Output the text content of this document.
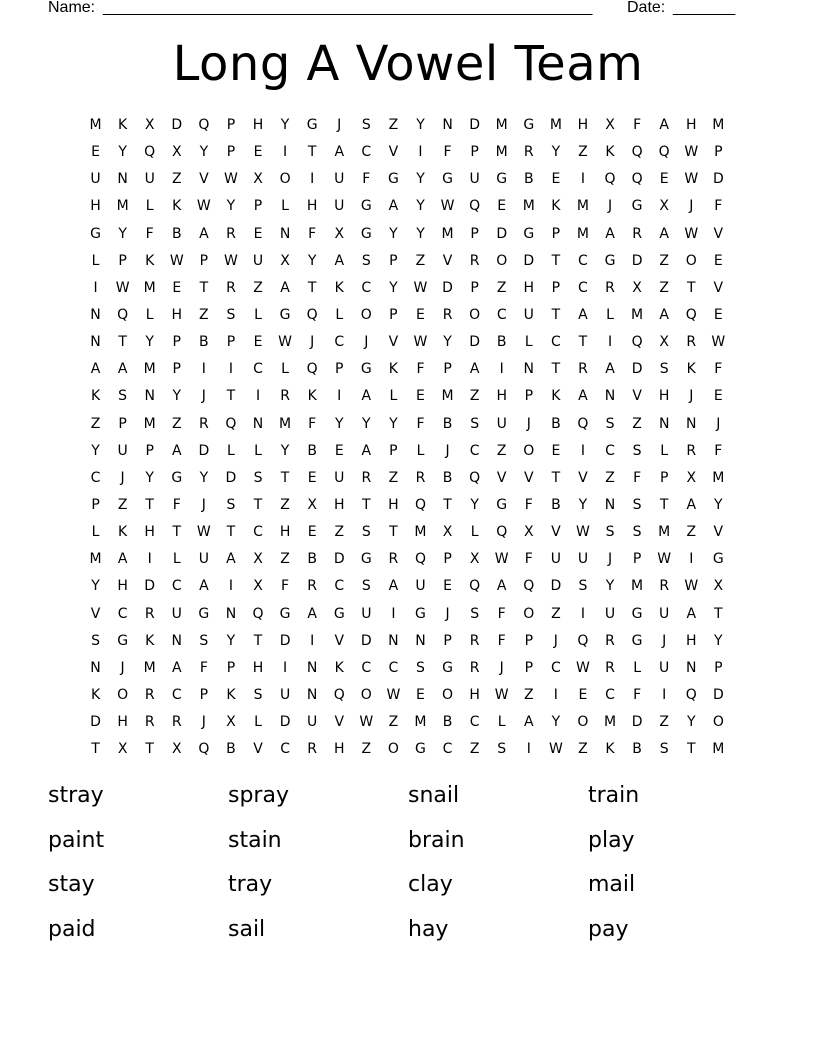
Name: _______________________________________________________ Date: _______
Long A Vowel Team
M	K	X	D	Q	P	H	Y	G	J	S	Z	Y	N	D	M	G	M	H	X	F	A	H	M
E	Y	Q	X	Y	P	E	I	T	A	C	V	I	F	P	M	R	Y	Z	K	Q	Q	W	P
U	N	U	Z	V	W	X	O	I	U	F	G	Y	G	U	G	B	E	I	Q	Q	E	W	D
H	M	L	K	W	Y	P	L	H	U	G	A	Y	W	Q	E	M	K	M	J	G	X	J	F
G	Y	F	B	A	R	E	N	F	X	G	Y	Y	M	P	D	G	P	M	A	R	A	W	V
L	P	K	W	P	W	U	X	Y	A	S	P	Z	V	R	O	D	T	C	G	D	Z	O	E
I	W	M	E	T	R	Z	A	T	K	C	Y	W	D	P	Z	H	P	C	R	X	Z	T	V
N	Q	L	H	Z	S	L	G	Q	L	O	P	E	R	O	C	U	T	A	L	M	A	Q	E
N	T	Y	P	B	P	E	W	J	C	J	V	W	Y	D	B	L	C	T	I	Q	X	R	W
A	A	M	P	I	I	C	L	Q	P	G	K	F	P	A	I	N	T	R	A	D	S	K	F
K	S	N	Y	J	T	I	R	K	I	A	L	E	M	Z	H	P	K	A	N	V	H	J	E
Z	P	M	Z	R	Q	N	M	F	Y	Y	Y	F	B	S	U	J	B	Q	S	Z	N	N	J
Y	U	P	A	D	L	L	Y	B	E	A	P	L	J	C	Z	O	E	I	C	S	L	R	F
C	J	Y	G	Y	D	S	T	E	U	R	Z	R	B	Q	V	V	T	V	Z	F	P	X	M
P	Z	T	F	J	S	T	Z	X	H	T	H	Q	T	Y	G	F	B	Y	N	S	T	A	Y
L	K	H	T	W	T	C	H	E	Z	S	T	M	X	L	Q	X	V	W	S	S	M	Z	V
M	A	I	L	U	A	X	Z	B	D	G	R	Q	P	X	W	F	U	U	J	P	W	I	G
Y	H	D	C	A	I	X	F	R	C	S	A	U	E	Q	A	Q	D	S	Y	M	R	W	X
V	C	R	U	G	N	Q	G	A	G	U	I	G	J	S	F	O	Z	I	U	G	U	A	T
S	G	K	N	S	Y	T	D	I	V	D	N	N	P	R	F	P	J	Q	R	G	J	H	Y
N	J	M	A	F	P	H	I	N	K	C	C	S	G	R	J	P	C	W	R	L	U	N	P
K	O	R	C	P	K	S	U	N	Q	O	W	E	O	H	W	Z	I	E	C	F	I	Q	D
D	H	R	R	J	X	L	D	U	V	W	Z	M	B	C	L	A	Y	O	M	D	Z	Y	O
T	X	T	X	Q	B	V	C	R	H	Z	O	G	C	Z	S	I	W	Z	K	B	S	T	M
stray	spray	snail	train
paint	stain	brain	play
stay	tray	clay	mail
paid	sail	hay	pay
